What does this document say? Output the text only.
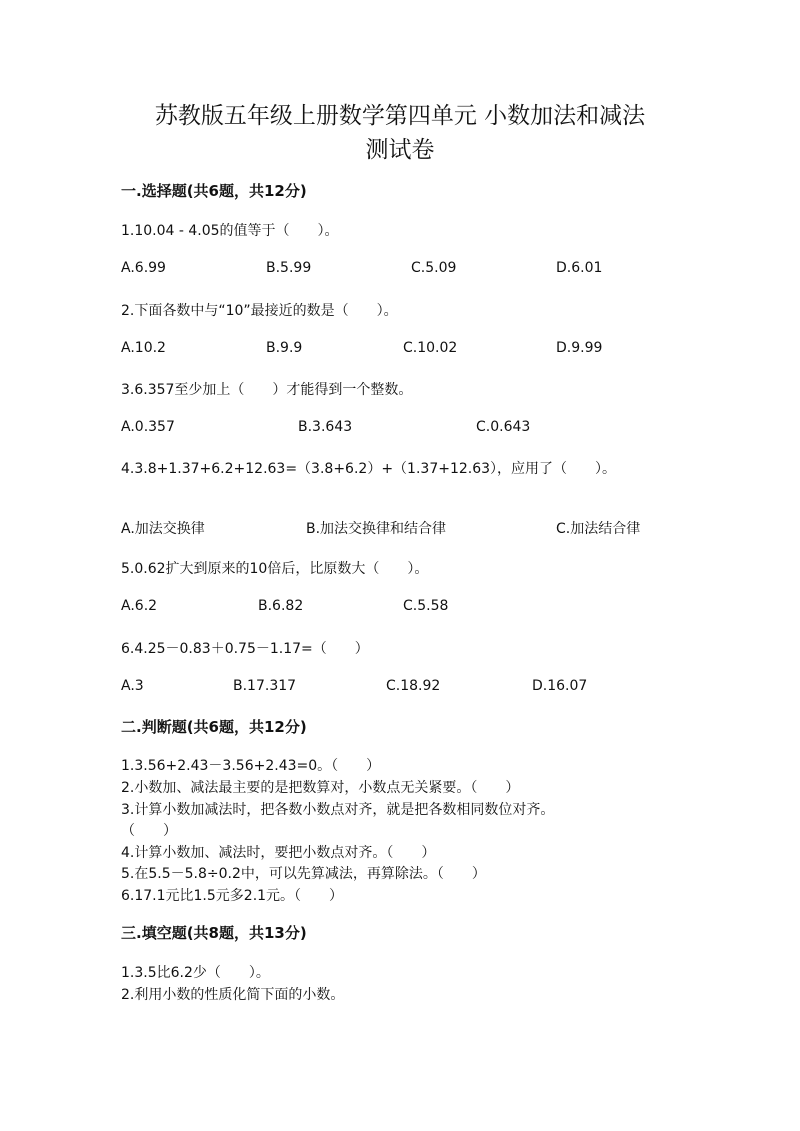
苏教版五年级上册数学第四单元 小数加法和减法
测试卷
一.选择题(共6题，共12分)
1.10.04 - 4.05的值等于（　　）。
A.6.99	B.5.99	C.5.09	D.6.01
2.下面各数中与“10”最接近的数是（　　）。
A.10.2	B.9.9	C.10.02	D.9.99
3.6.357至少加上（　　）才能得到一个整数。
A.0.357	B.3.643	C.0.643
4.3.8+1.37+6.2+12.63=（3.8+6.2）+（1.37+12.63），应用了（　　）。
A.加法交换律	B.加法交换律和结合律	C.加法结合律
5.0.62扩大到原来的10倍后，比原数大（　　）。
A.6.2	B.6.82	C.5.58
6.4.25－0.83＋0.75－1.17=（　　）
A.3	B.17.317	C.18.92	D.16.07
二.判断题(共6题，共12分)
1.3.56+2.43－3.56+2.43=0。（　　）
2.小数加、减法最主要的是把数算对，小数点无关紧要。（　　）
3.计算小数加减法时，把各数小数点对齐，就是把各数相同数位对齐。
（　　）
4.计算小数加、减法时，要把小数点对齐。（　　）
5.在5.5－5.8÷0.2中，可以先算减法，再算除法。（　　）
6.17.1元比1.5元多2.1元。（　　）
三.填空题(共8题，共13分)
1.3.5比6.2少（　　）。
2.利用小数的性质化简下面的小数。
